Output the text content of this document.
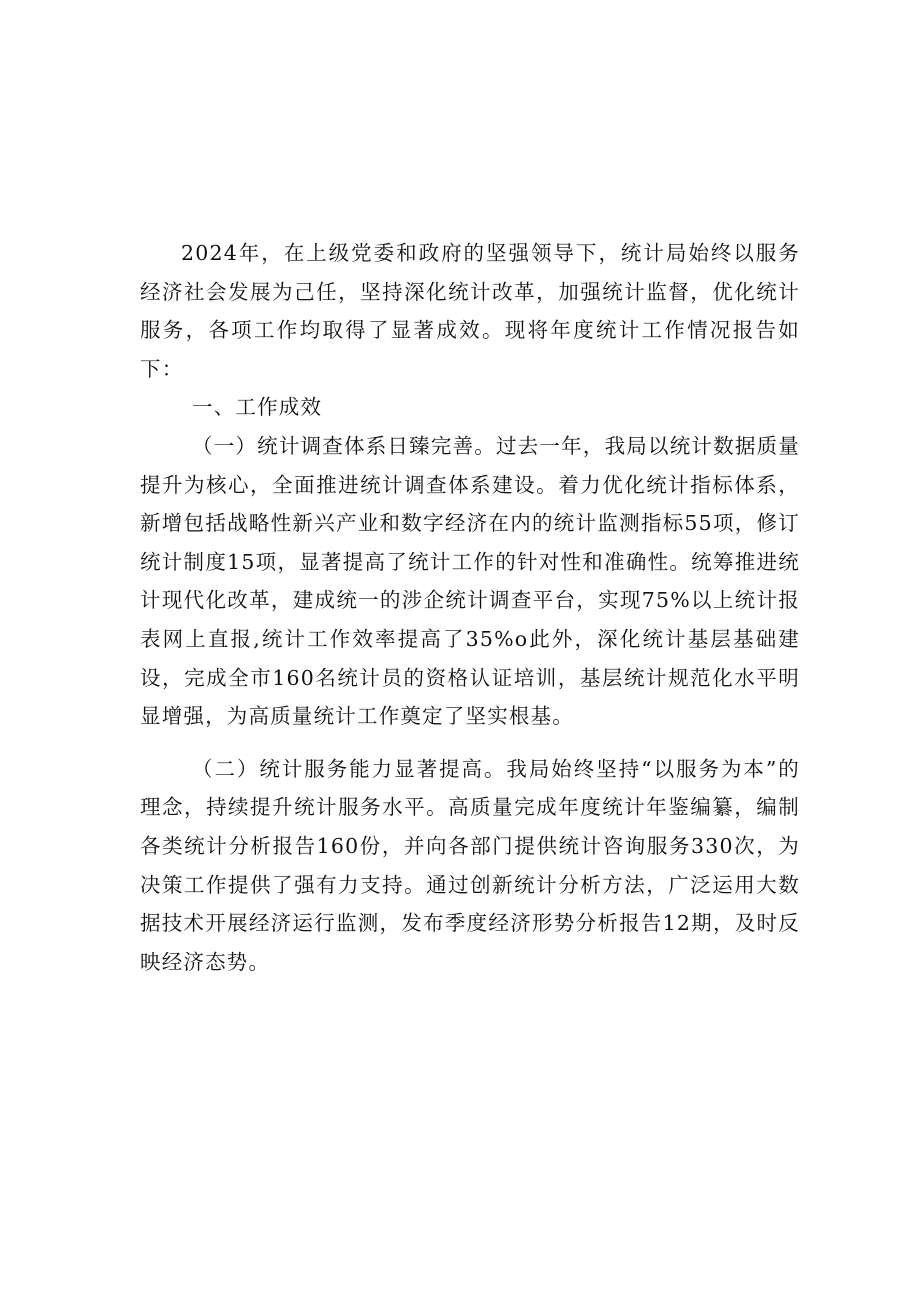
2024年，在上级党委和政府的坚强领导下，统计局始终以服务经济社会发展为己任，坚持深化统计改革，加强统计监督，优化统计服务，各项工作均取得了显著成效。现将年度统计工作情况报告如下：

一、工作成效

（一）统计调查体系日臻完善。过去一年，我局以统计数据质量提升为核心，全面推进统计调查体系建设。着力优化统计指标体系，新增包括战略性新兴产业和数字经济在内的统计监测指标55项，修订统计制度15项，显著提高了统计工作的针对性和准确性。统筹推进统计现代化改革，建成统一的涉企统计调查平台，实现75%以上统计报表网上直报,统计工作效率提高了35%o此外，深化统计基层基础建设，完成全市160名统计员的资格认证培训，基层统计规范化水平明显增强，为高质量统计工作奠定了坚实根基。

（二）统计服务能力显著提高。我局始终坚持“以服务为本”的理念，持续提升统计服务水平。高质量完成年度统计年鉴编纂，编制各类统计分析报告160份，并向各部门提供统计咨询服务330次，为决策工作提供了强有力支持。通过创新统计分析方法，广泛运用大数据技术开展经济运行监测，发布季度经济形势分析报告12期，及时反映经济态势。
